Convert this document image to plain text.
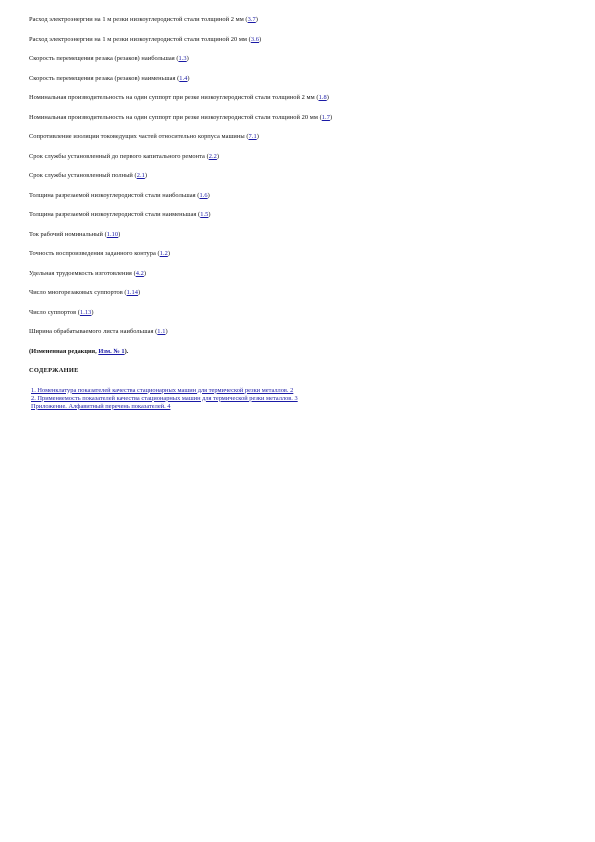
Расход электроэнергии на 1 м резки низкоуглеродистой стали толщиной 2 мм (3.7)
Расход электроэнергии на 1 м резки низкоуглеродистой стали толщиной 20 мм (3.6)
Скорость перемещения резака (резаков) наибольшая (1.3)
Скорость перемещения резака (резаков) наименьшая (1.4)
Номинальная производительность на один суппорт при резке низкоуглеродистой стали толщиной 2 мм (1.8)
Номинальная производительность на один суппорт при резке низкоуглеродистой стали толщиной 20 мм (1.7)
Сопротивление изоляции токоведущих частей относительно корпуса машины (7.1)
Срок службы установленный до первого капитального ремонта (2.2)
Срок службы установленный полный (2.1)
Толщина разрезаемой низкоуглеродистой стали наибольшая (1.6)
Толщина разрезаемой низкоуглеродистой стали наименьшая (1.5)
Ток рабочий номинальный (1.10)
Точность воспроизведения заданного контура (1.2)
Удельная трудоемкость изготовления (4.2)
Число многорезаковых суппортов (1.14)
Число суппортов (1.13)
Ширина обрабатываемого листа наибольшая (1.1)
(Измененная редакция, Изм. № 1).
СОДЕРЖАНИЕ
1. Номенклатура показателей качества стационарных машин для термической резки металлов. 2
2. Применяемость показателей качества стационарных машин для термической резки металлов. 3
Приложение. Алфавитный перечень показателей. 4
